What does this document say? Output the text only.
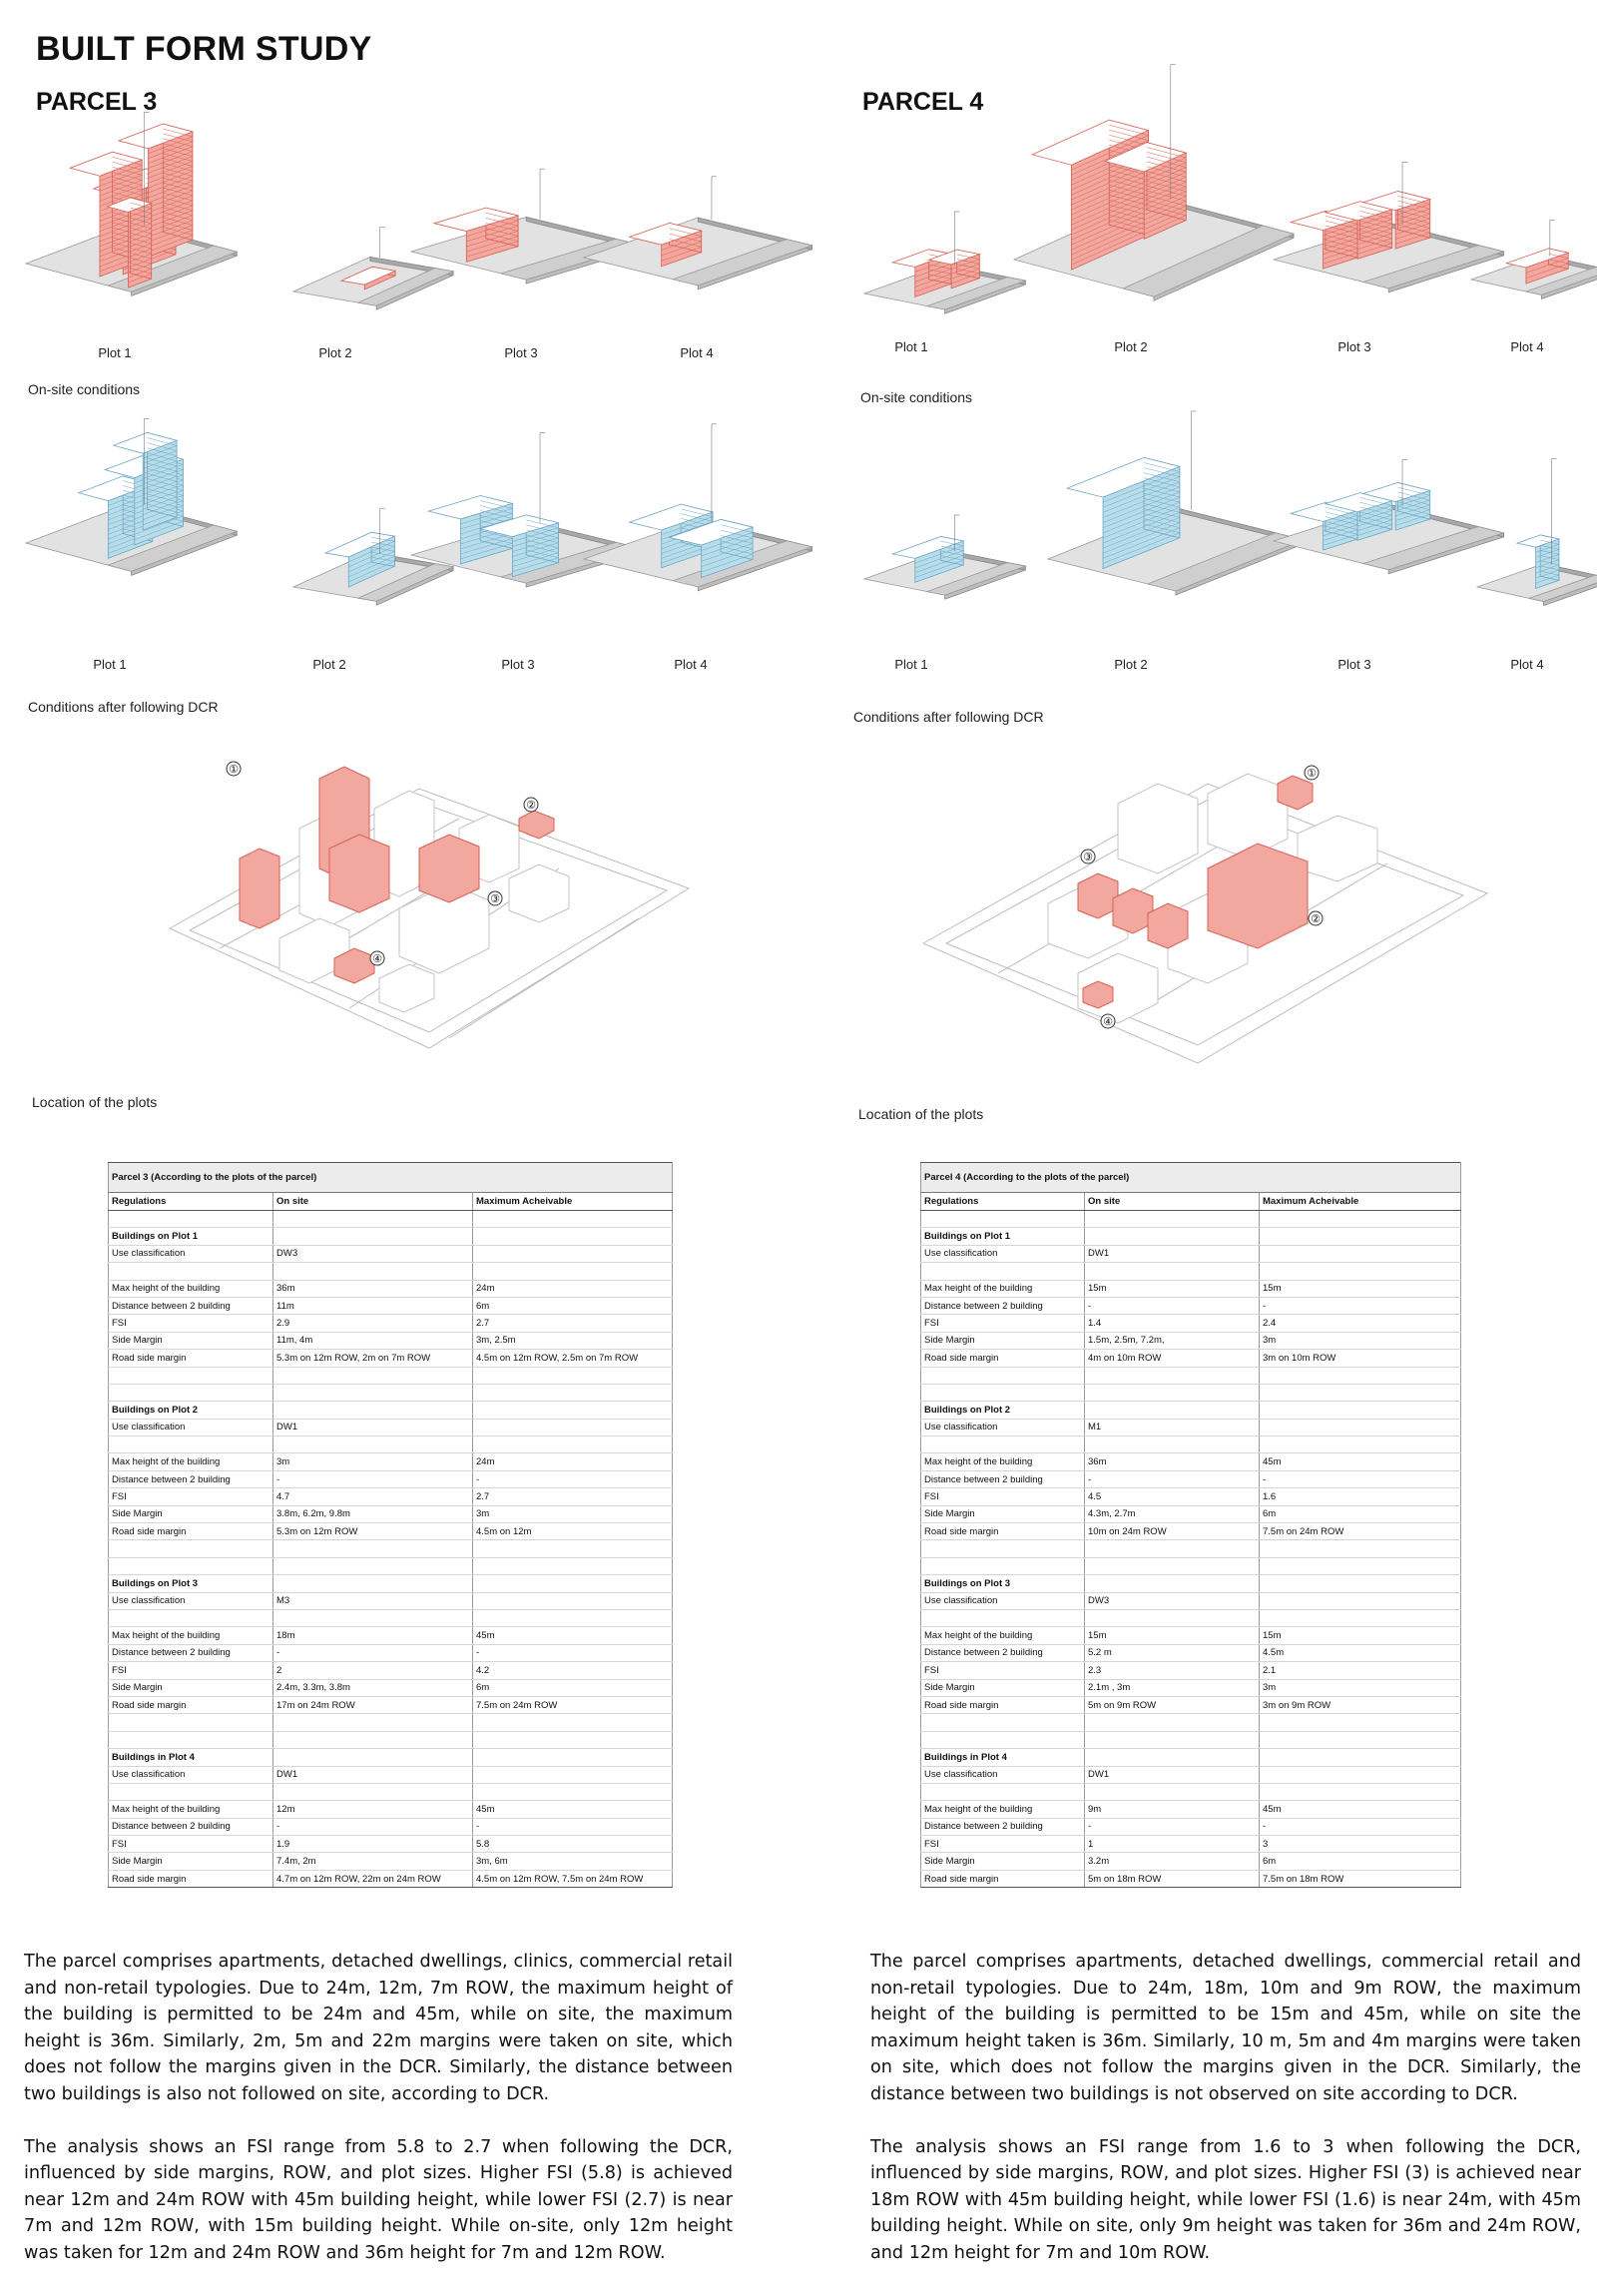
BUILT FORM STUDY
PARCEL 3	PARCEL 4
Plot 1	Plot 2	Plot 3	Plot 4
On-site conditions
Plot 1	Plot 2	Plot 3	Plot 4
Conditions after following DCR
Plot 1	Plot 2	Plot 3	Plot 4
On-site conditions
Plot 1	Plot 2	Plot 3	Plot 4
Conditions after following DCR
①
②
③
④
Location of the plots
①
②
③
④
Location of the plots
Parcel 3 (According to the plots of the parcel)		
Regulations	On site	Maximum Acheivable

Buildings on Plot 1		
Use classification	DW3	

Max height of the building	36m	24m
Distance between 2 building	11m	6m
FSI	2.9	2.7
Side Margin	11m, 4m	3m, 2.5m
Road side margin	5.3m on 12m ROW, 2m on 7m ROW	4.5m on 12m ROW, 2.5m on 7m ROW

Buildings on Plot 2		
Use classification	DW1	

Max height of the building	3m	24m
Distance between 2 building	-	-
FSI	4.7	2.7
Side Margin	3.8m, 6.2m, 9.8m	3m
Road side margin	5.3m on 12m ROW	4.5m on 12m

Buildings on Plot 3		
Use classification	M3	

Max height of the building	18m	45m
Distance between 2 building	-	-
FSI	2	4.2
Side Margin	2.4m, 3.3m, 3.8m	6m
Road side margin	17m on 24m ROW	7.5m on 24m ROW

Buildings in Plot 4		
Use classification	DW1	

Max height of the building	12m	45m
Distance between 2 building	-	-
FSI	1.9	5.8
Side Margin	7.4m, 2m	3m, 6m
Road side margin	4.7m on 12m ROW, 22m on 24m ROW	4.5m on 12m ROW, 7.5m on 24m ROW
Parcel 4 (According to the plots of the parcel)		
Regulations	On site	Maximum Acheivable

Buildings on Plot 1		
Use classification	DW1	

Max height of the building	15m	15m
Distance between 2 building	-	-
FSI	1.4	2.4
Side Margin	1.5m, 2.5m, 7.2m,	3m
Road side margin	4m on 10m ROW	3m on 10m ROW

Buildings on Plot 2		
Use classification	M1	

Max height of the building	36m	45m
Distance between 2 building	-	-
FSI	4.5	1.6
Side Margin	4.3m, 2.7m	6m
Road side margin	10m on 24m ROW	7.5m on 24m ROW

Buildings on Plot 3		
Use classification	DW3	

Max height of the building	15m	15m
Distance between 2 building	5.2 m	4.5m
FSI	2.3	2.1
Side Margin	2.1m , 3m	3m
Road side margin	5m on 9m ROW	3m on 9m ROW

Buildings in Plot 4		
Use classification	DW1	

Max height of the building	9m	45m
Distance between 2 building	-	-
FSI	1	3
Side Margin	3.2m	6m
Road side margin	5m on 18m ROW	7.5m on 18m ROW

The parcel comprises apartments, detached dwellings, clinics, commercial retail and non-retail typologies. Due to 24m, 12m, 7m ROW, the maximum height of the building is permitted to be 24m and 45m, while on site, the maximum height is 36m. Similarly, 2m, 5m and 22m margins were taken on site, which does not follow the margins given in the DCR. Similarly, the distance between two buildings is also not followed on site, according to DCR.

The analysis shows an FSI range from 5.8 to 2.7 when following the DCR, influenced by side margins, ROW, and plot sizes. Higher FSI (5.8) is achieved near 12m and 24m ROW with 45m building height, while lower FSI (2.7) is near 7m and 12m ROW, with 15m building height. While on-site, only 12m height was taken for 12m and 24m ROW and 36m height for 7m and 12m ROW.

The parcel comprises apartments, detached dwellings, commercial retail and non-retail typologies. Due to 24m, 18m, 10m and 9m ROW, the maximum height of the building is permitted to be 15m and 45m, while on site the maximum height taken is 36m. Similarly, 10 m, 5m and 4m margins were taken on site, which does not follow the margins given in the DCR. Similarly, the distance between two buildings is not observed on site according to DCR.

The analysis shows an FSI range from 1.6 to 3 when following the DCR, influenced by side margins, ROW, and plot sizes. Higher FSI (3) is achieved near 18m ROW with 45m building height, while lower FSI (1.6) is near 24m, with 45m building height. While on site, only 9m height was taken for 36m and 24m ROW, and 12m height for 7m and 10m ROW.
